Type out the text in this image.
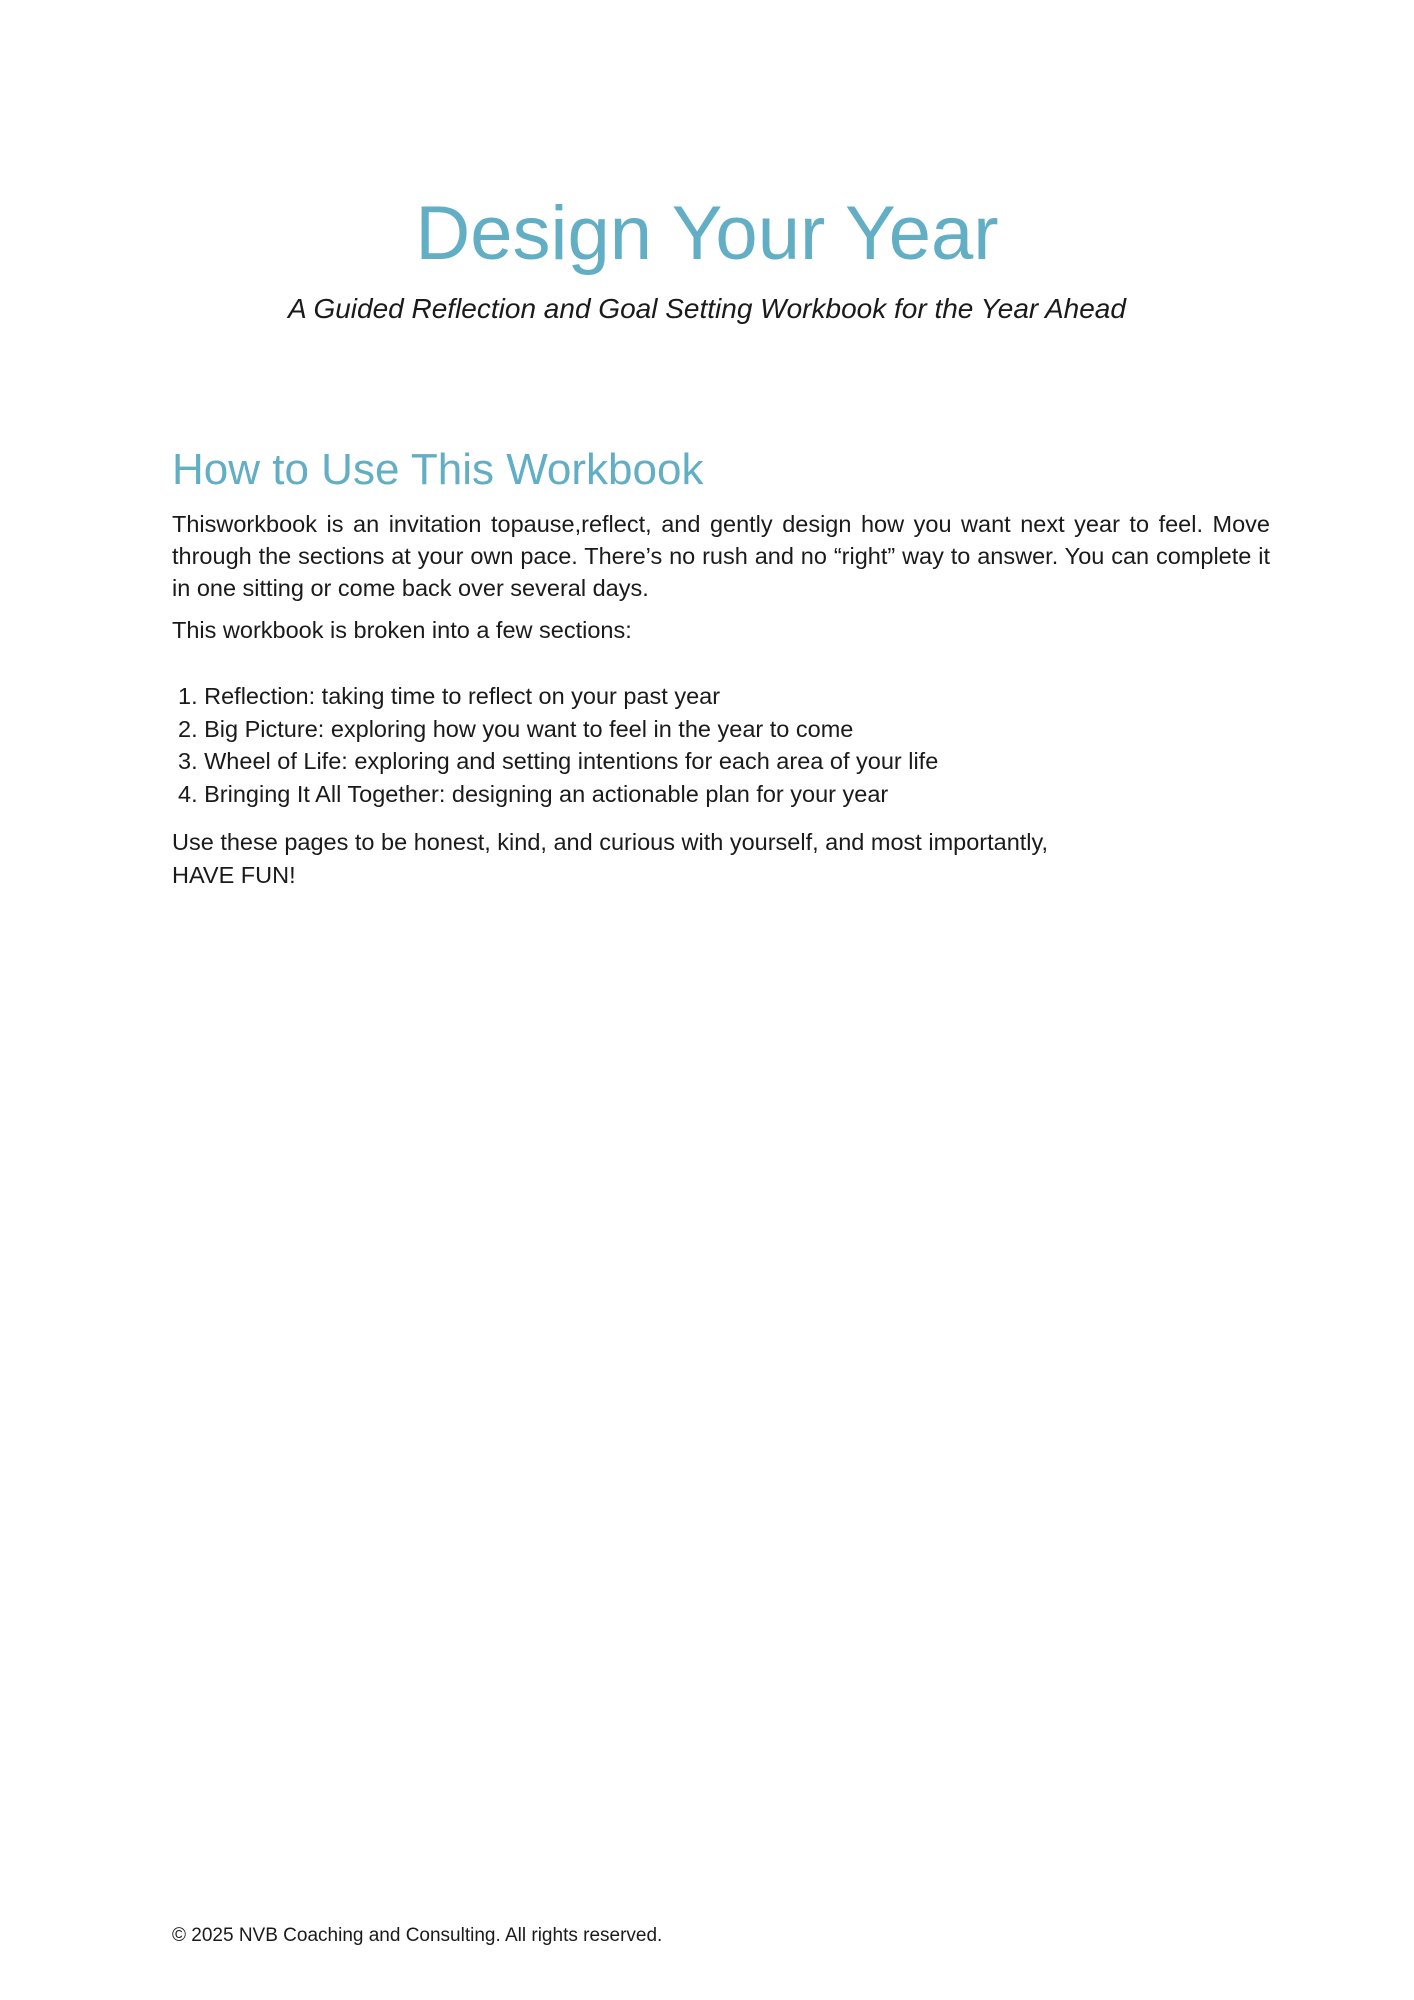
Design Your Year

A Guided Reflection and Goal Setting Workbook for the Year Ahead

How to Use This Workbook

Thisworkbook is an invitation topause,reflect, and gently design how you want next year to feel. Move through the sections at your own pace. There’s no rush and no “right” way to answer. You can complete it in one sitting or come back over several days.

This workbook is broken into a few sections:

1. Reflection: taking time to reflect on your past year
2. Big Picture: exploring how you want to feel in the year to come
3. Wheel of Life: exploring and setting intentions for each area of your life
4. Bringing It All Together: designing an actionable plan for your year
Use these pages to be honest, kind, and curious with yourself, and most importantly,
HAVE FUN!
© 2025 NVB Coaching and Consulting. All rights reserved.
